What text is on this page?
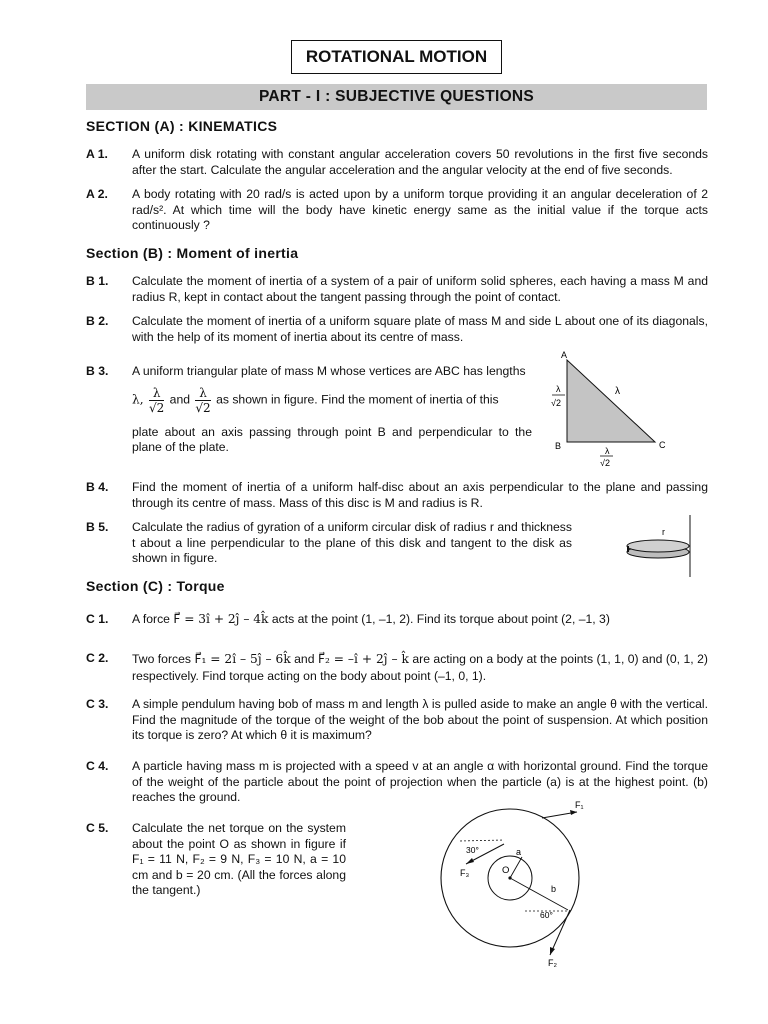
ROTATIONAL MOTION
PART - I : SUBJECTIVE QUESTIONS
SECTION (A) : KINEMATICS
A 1. A uniform disk rotating with constant angular acceleration covers 50 revolutions in the first five seconds after the start. Calculate the angular acceleration and the angular velocity at the end of five seconds.
A 2. A body rotating with 20 rad/s is acted upon by a uniform torque providing it an angular deceleration of 2 rad/s². At which time will the body have kinetic energy same as the initial value if the torque acts continuously ?
Section (B) : Moment of inertia
B 1. Calculate the moment of inertia of a system of a pair of uniform solid spheres, each having a mass M and radius R, kept in contact about the tangent passing through the point of contact.
B 2. Calculate the moment of inertia of a uniform square plate of mass M and side L about one of its diagonals, with the help of its moment of inertia about its centre of mass.
B 3. A uniform triangular plate of mass M whose vertices are ABC has lengths
λ, $\frac{\lambda}{√2}$ and $\frac{\lambda}{√2}$ as shown in figure. Find the moment of inertia of this
plate about an axis passing through point B and perpendicular to the plane of the plate.
A
B	C
λ
λ
√2
λ
√2
B 4. Find the moment of inertia of a uniform half-disc about an axis perpendicular to the plane and passing through its centre of mass. Mass of this disc is M and radius is R.
B 5. Calculate the radius of gyration of a uniform circular disk of radius r and thickness t about a line perpendicular to the plane of this disk and tangent to the disk as shown in figure.
r
Section (C) : Torque
C 1. A force F⃗ = 3î + 2ĵ – 4k̂ acts at the point (1, –1, 2). Find its torque about point (2, –1, 3)
C 2. Two forces F⃗₁ = 2î – 5ĵ – 6k̂ and F⃗₂ = –î + 2ĵ – k̂ are acting on a body at the points (1, 1, 0) and (0, 1, 2) respectively. Find torque acting on the body about point (–1, 0, 1).
C 3. A simple pendulum having bob of mass m and length λ is pulled aside to make an angle θ with the vertical. Find the magnitude of the torque of the weight of the bob about the point of suspension. At which position its torque is zero? At which θ it is maximum?
C 4. A particle having mass m is projected with a speed v at an angle α with horizontal ground. Find the torque of the weight of the particle about the point of projection when the particle (a) is at the highest point. (b) reaches the ground.
C 5. Calculate the net torque on the system about the point O as shown in figure if F₁ = 11 N, F₂ = 9 N, F₃ = 10 N, a = 10 cm and b = 20 cm. (All the forces along the tangent.)
O
a
b
F₁
30°
F₃
60°
F₂
